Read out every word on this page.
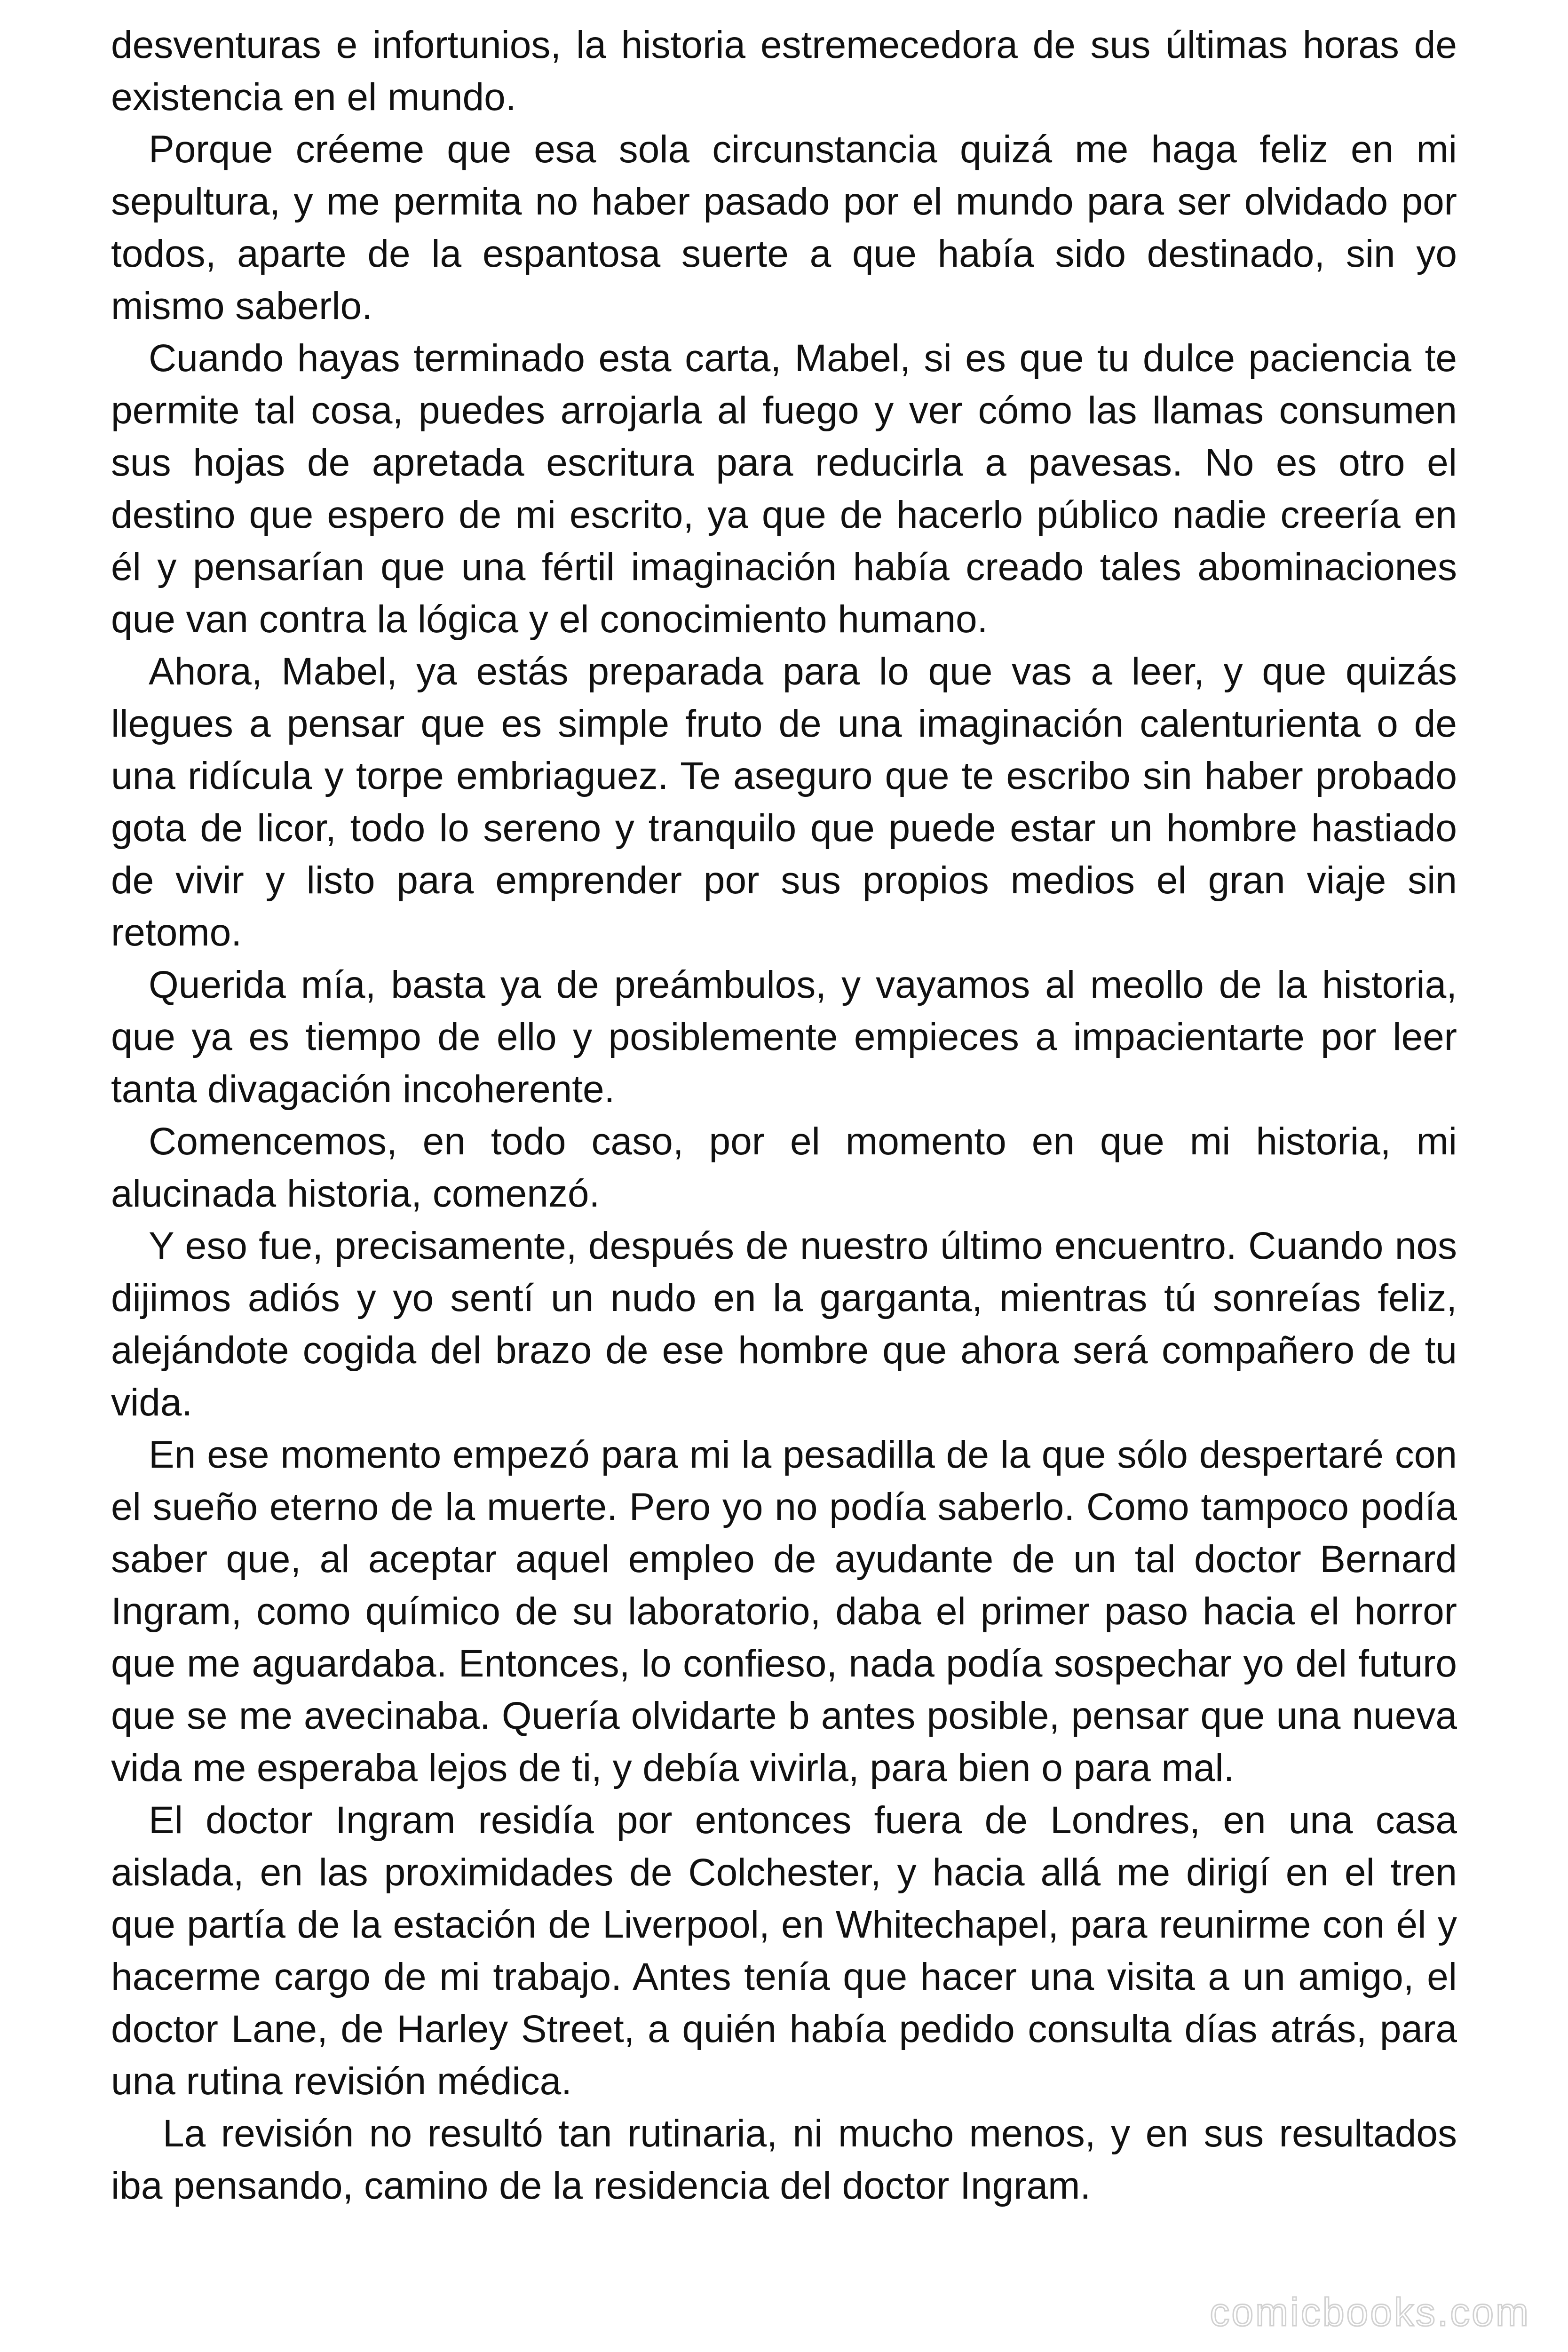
desventuras e infortunios, la historia estremecedora de sus últimas horas de existencia en el mundo.

Porque créeme que esa sola circunstancia quizá me haga feliz en mi sepultura, y me permita no haber pasado por el mundo para ser olvidado por todos, aparte de la espantosa suerte a que había sido destinado, sin yo mismo saberlo.

Cuando hayas terminado esta carta, Mabel, si es que tu dulce paciencia te permite tal cosa, puedes arrojarla al fuego y ver cómo las llamas consumen sus hojas de apretada escritura para reducirla a pavesas. No es otro el destino que espero de mi escrito, ya que de hacerlo público nadie creería en él y pensarían que una fértil imaginación había creado tales abominaciones que van contra la lógica y el conocimiento humano.

Ahora, Mabel, ya estás preparada para lo que vas a leer, y que quizás llegues a pensar que es simple fruto de una imaginación calenturienta o de una ridícula y torpe embriaguez. Te aseguro que te escribo sin haber probado gota de licor, todo lo sereno y tranquilo que puede estar un hombre hastiado de vivir y listo para emprender por sus propios medios el gran viaje sin retomo.

Querida mía, basta ya de preámbulos, y vayamos al meollo de la historia, que ya es tiempo de ello y posiblemente empieces a impacientarte por leer tanta divagación incoherente.

Comencemos, en todo caso, por el momento en que mi historia, mi alucinada historia, comenzó.

Y eso fue, precisamente, después de nuestro último encuentro. Cuando nos dijimos adiós y yo sentí un nudo en la garganta, mientras tú sonreías feliz, alejándote cogida del brazo de ese hombre que ahora será compañero de tu vida.

En ese momento empezó para mi la pesadilla de la que sólo despertaré con el sueño eterno de la muerte. Pero yo no podía saberlo. Como tampoco podía saber que, al aceptar aquel empleo de ayudante de un tal doctor Bernard Ingram, como químico de su laboratorio, daba el primer paso hacia el horror que me aguardaba. Entonces, lo confieso, nada podía sospechar yo del futuro que se me avecinaba. Quería olvidarte b antes posible, pensar que una nueva vida me esperaba lejos de ti, y debía vivirla, para bien o para mal.

El doctor Ingram residía por entonces fuera de Londres, en una casa aislada, en las proximidades de Colchester, y hacia allá me dirigí en el tren que partía de la estación de Liverpool, en Whitechapel, para reunirme con él y hacerme cargo de mi trabajo. Antes tenía que hacer una visita a un amigo, el doctor Lane, de Harley Street, a quién había pedido consulta días atrás, para una rutina revisión médica.

La revisión no resultó tan rutinaria, ni mucho menos, y en sus resultados iba pensando, camino de la residencia del doctor Ingram.

comicbooks.com
